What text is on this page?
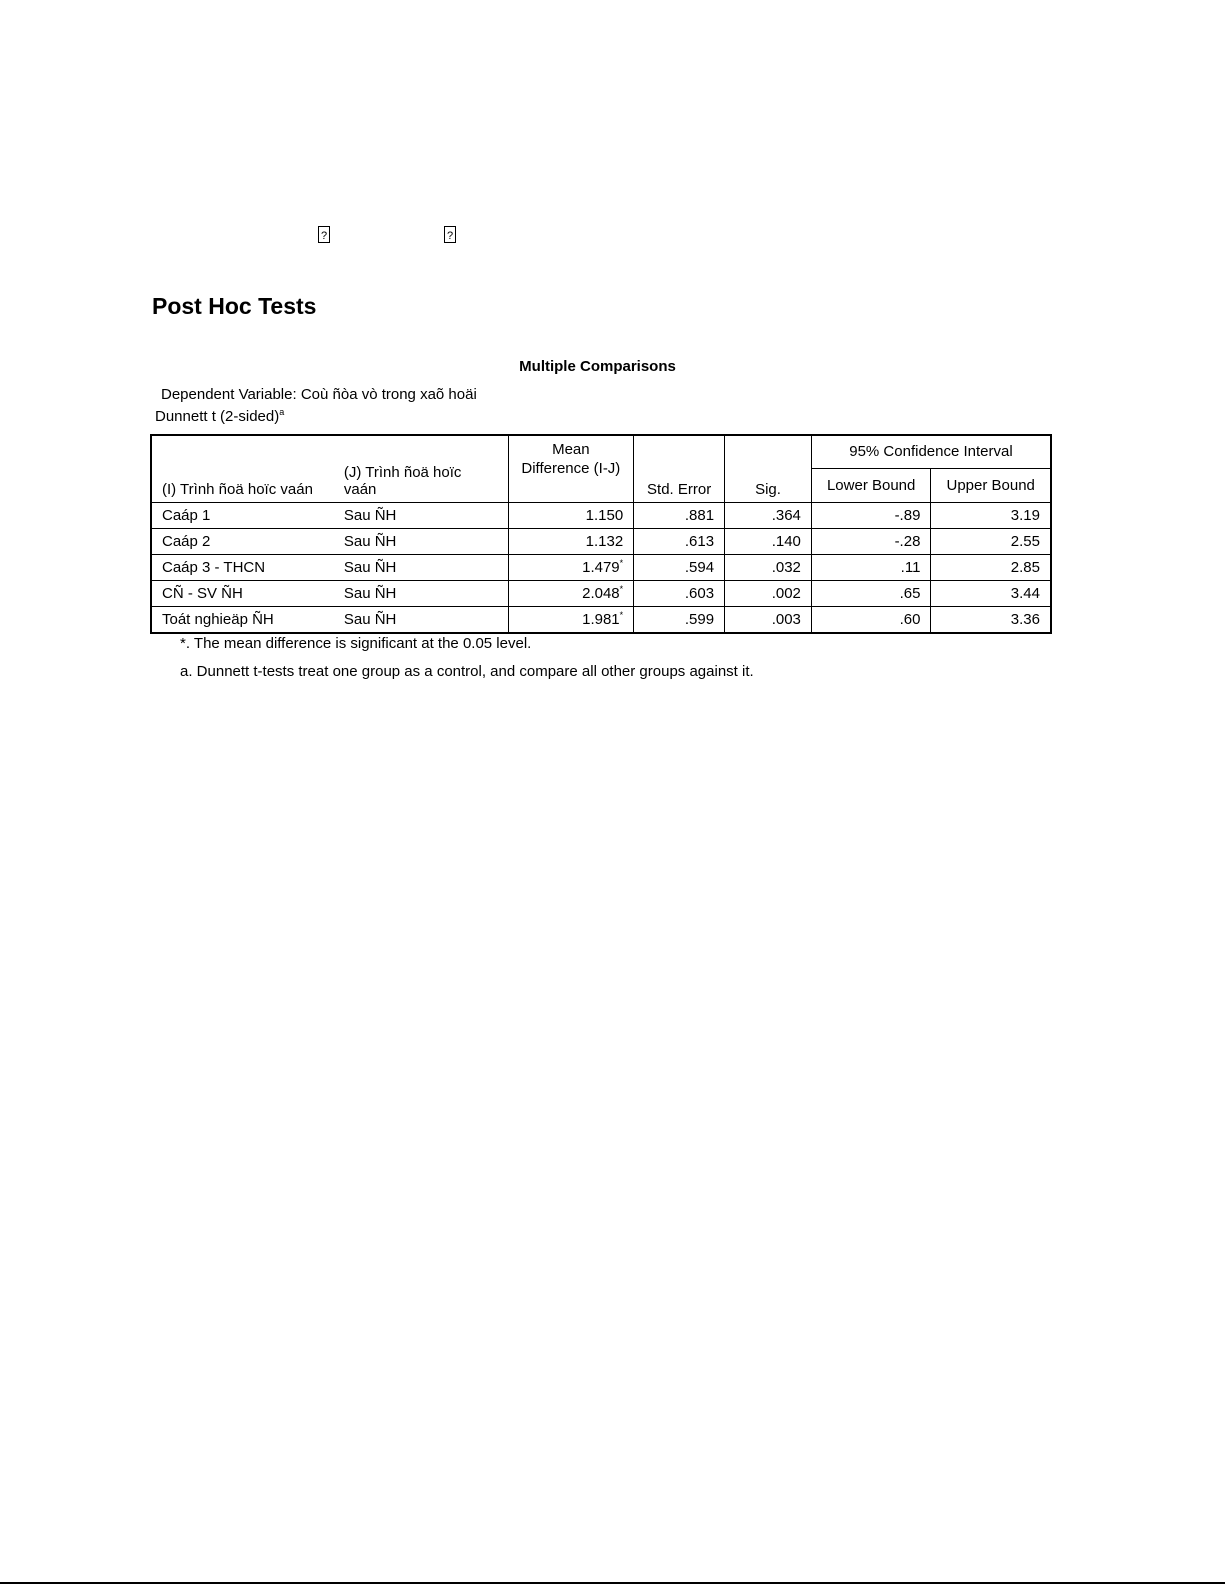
?	?
Post Hoc Tests
Multiple Comparisons
Dependent Variable: Coù ñòa vò trong xaõ hoäi
Dunnett t (2-sided)$^a$
(I) Trình ñoä hoïc vaán	(J) Trình ñoä hoïc vaán	Mean Difference (I-J)	Std. Error	Sig.	95% Confidence Interval	
					Lower Bound	Upper Bound
Caáp 1	Sau ÑH	1.150	.881	.364	-.89	3.19
Caáp 2	Sau ÑH	1.132	.613	.140	-.28	2.55
Caáp 3 - THCN	Sau ÑH	1.479*	.594	.032	.11	2.85
CÑ - SV ÑH	Sau ÑH	2.048*	.603	.002	.65	3.44
Toát nghieäp ÑH	Sau ÑH	1.981*	.599	.003	.60	3.36
*. The mean difference is significant at the 0.05 level.
a. Dunnett t-tests treat one group as a control, and compare all other groups against it.
